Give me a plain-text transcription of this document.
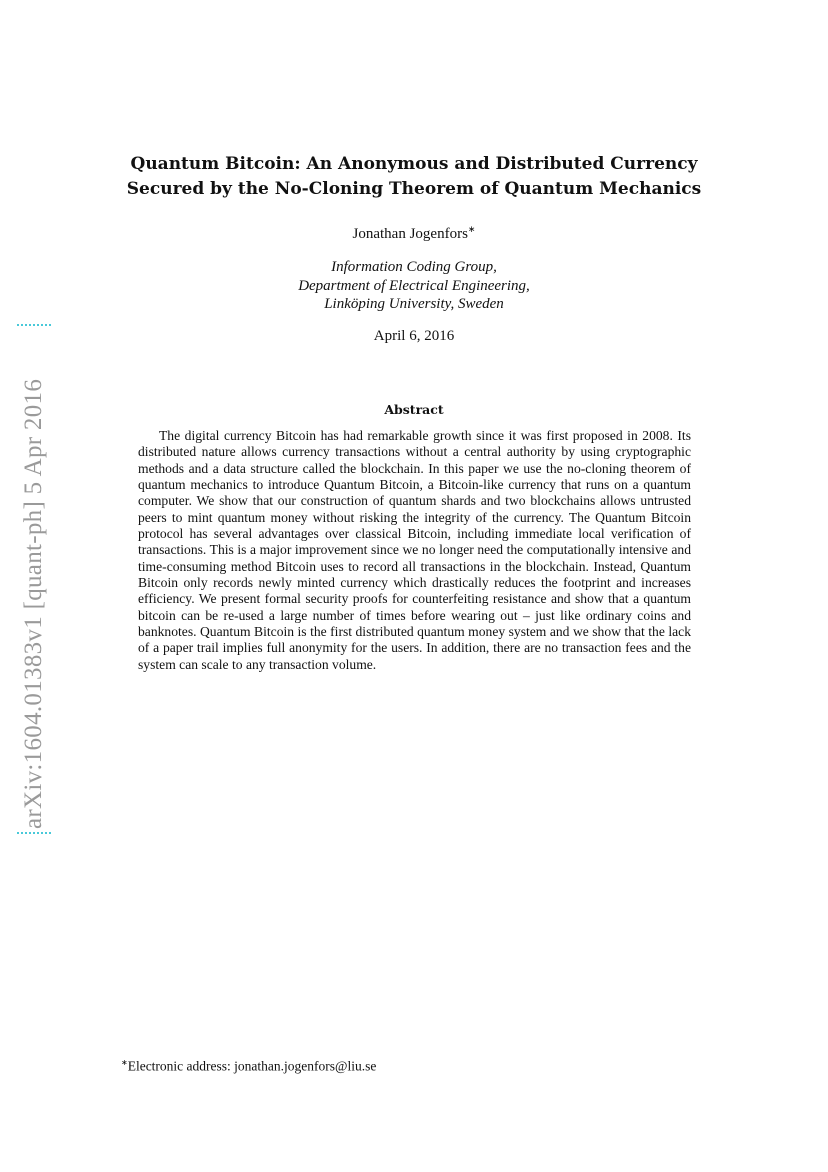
arXiv:1604.01383v1 [quant-ph] 5 Apr 2016
Quantum Bitcoin: An Anonymous and Distributed Currency
Secured by the No-Cloning Theorem of Quantum Mechanics
Jonathan Jogenfors∗
Information Coding Group,
Department of Electrical Engineering,
Linköping University, Sweden
April 6, 2016
Abstract
The digital currency Bitcoin has had remarkable growth since it was first proposed in 2008. Its distributed nature allows currency transactions without a central authority by using cryptographic methods and a data structure called the blockchain. In this paper we use the no-cloning theorem of quantum mechanics to introduce Quantum Bitcoin, a Bitcoin-like currency that runs on a quantum computer. We show that our construction of quantum shards and two blockchains allows untrusted peers to mint quantum money without risking the integrity of the currency. The Quantum Bitcoin protocol has several advantages over classical Bitcoin, including immediate local verification of transactions. This is a major improvement since we no longer need the computationally intensive and time-consuming method Bitcoin uses to record all transactions in the blockchain. Instead, Quantum Bitcoin only records newly minted currency which drastically reduces the footprint and increases efficiency. We present formal security proofs for counterfeiting resistance and show that a quantum bitcoin can be re-used a large number of times before wearing out – just like ordinary coins and banknotes. Quantum Bitcoin is the first distributed quantum money system and we show that the lack of a paper trail implies full anonymity for the users. In addition, there are no transaction fees and the system can scale to any transaction volume.
∗Electronic address: jonathan.jogenfors@liu.se
